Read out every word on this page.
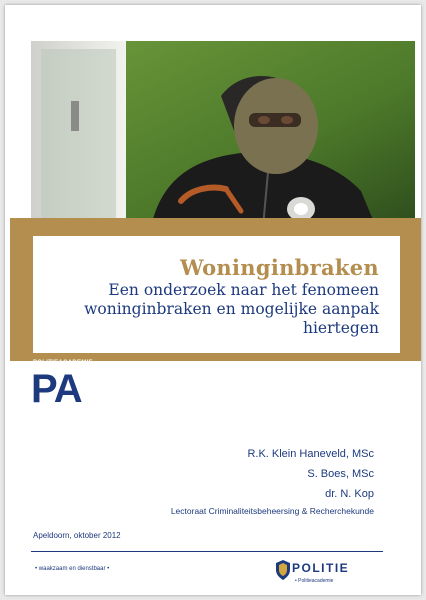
Woninginbraken
Een onderzoek naar het fenomeen
woninginbraken en mogelijke aanpak
hiertegen
POLITIEACADEMIE
PA
R.K. Klein Haneveld, MSc
S. Boes, MSc
dr. N. Kop
Lectoraat Criminaliteitsbeheersing & Recherchekunde
Apeldoorn, oktober 2012
• waakzaam en dienstbaar •	POLITIE
• Politieacademie
